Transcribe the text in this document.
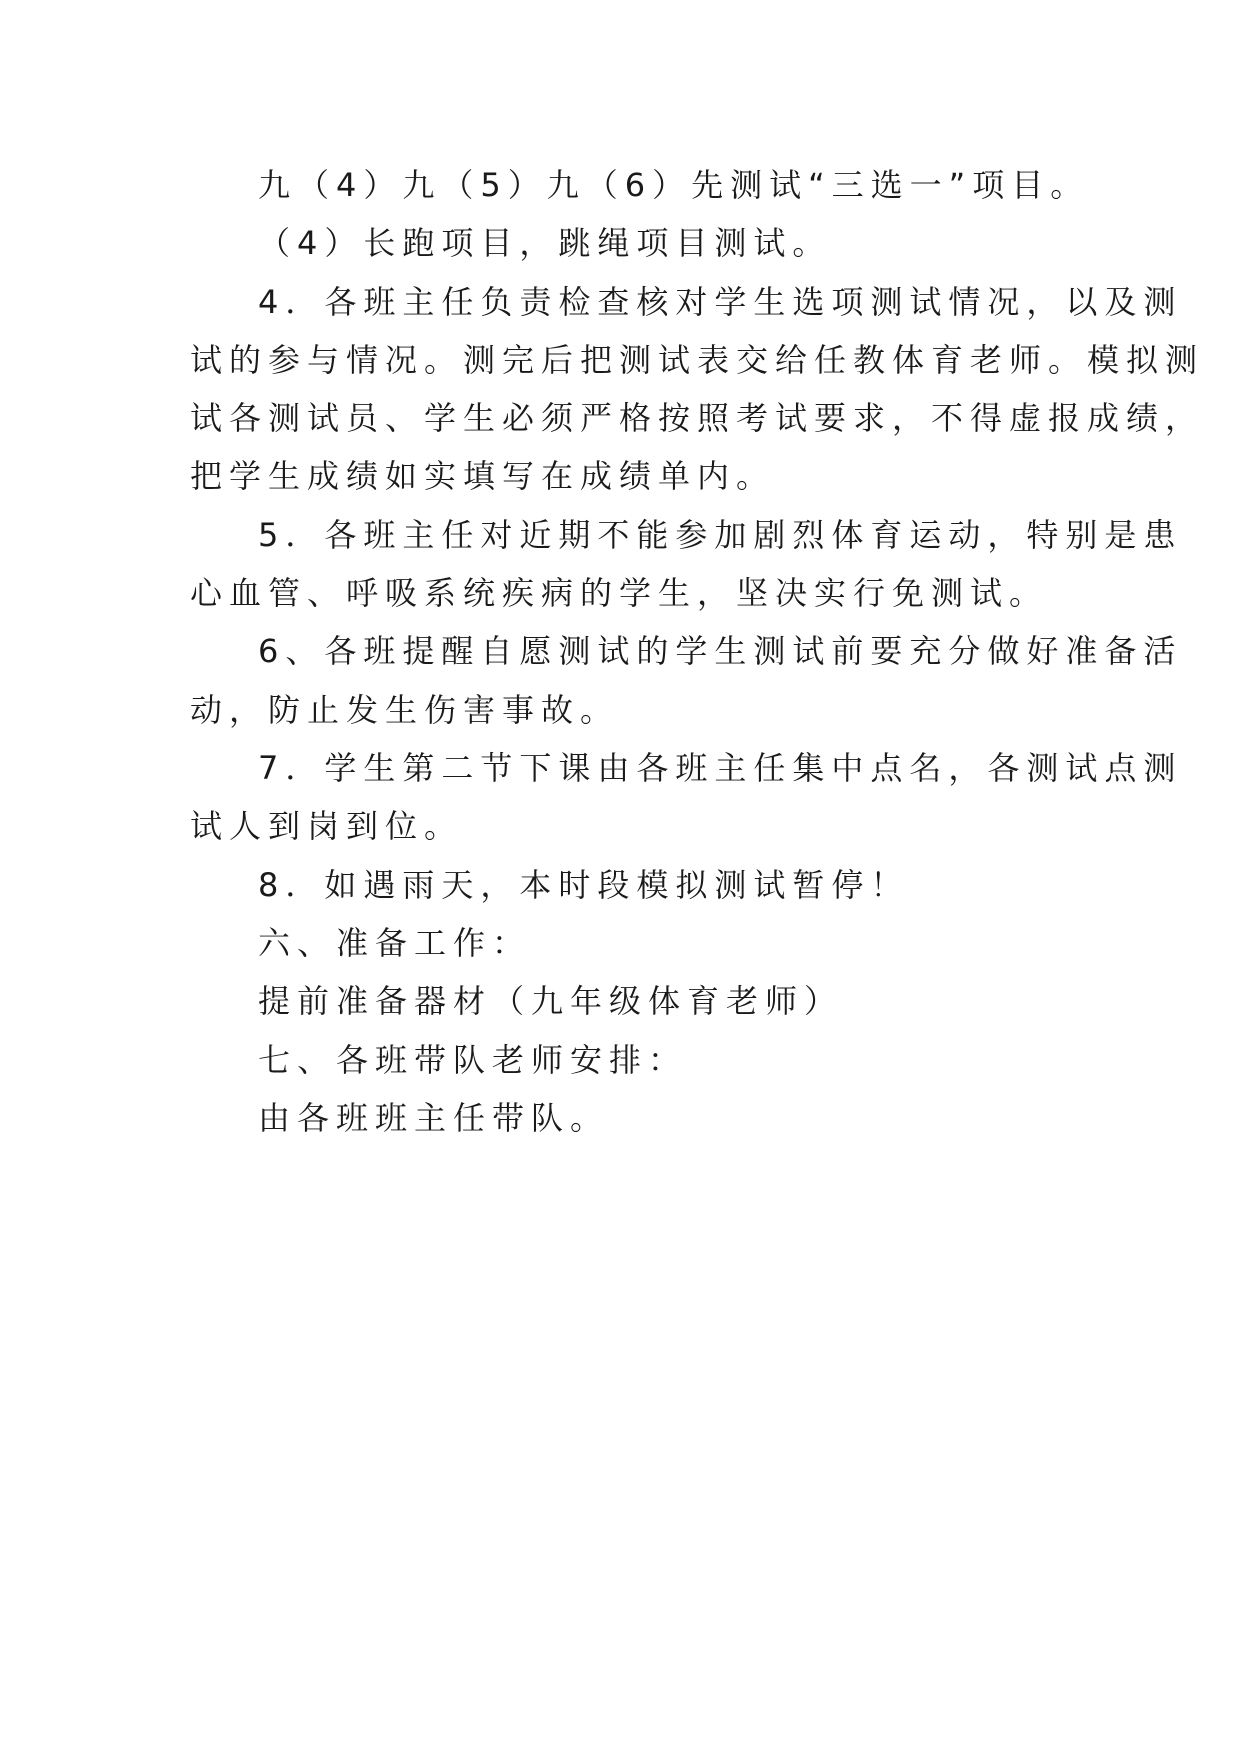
九（4）九（5）九（6）先测试“三选一”项目。
（4）长跑项目，跳绳项目测试。
4．各班主任负责检查核对学生选项测试情况，以及测
试的参与情况。测完后把测试表交给任教体育老师。模拟测
试各测试员、学生必须严格按照考试要求，不得虚报成绩，
把学生成绩如实填写在成绩单内。
5．各班主任对近期不能参加剧烈体育运动，特别是患
心血管、呼吸系统疾病的学生，坚决实行免测试。
6、各班提醒自愿测试的学生测试前要充分做好准备活
动，防止发生伤害事故。
7．学生第二节下课由各班主任集中点名，各测试点测
试人到岗到位。
8．如遇雨天，本时段模拟测试暂停！
六、准备工作：
提前准备器材（九年级体育老师）
七、各班带队老师安排：
由各班班主任带队。
